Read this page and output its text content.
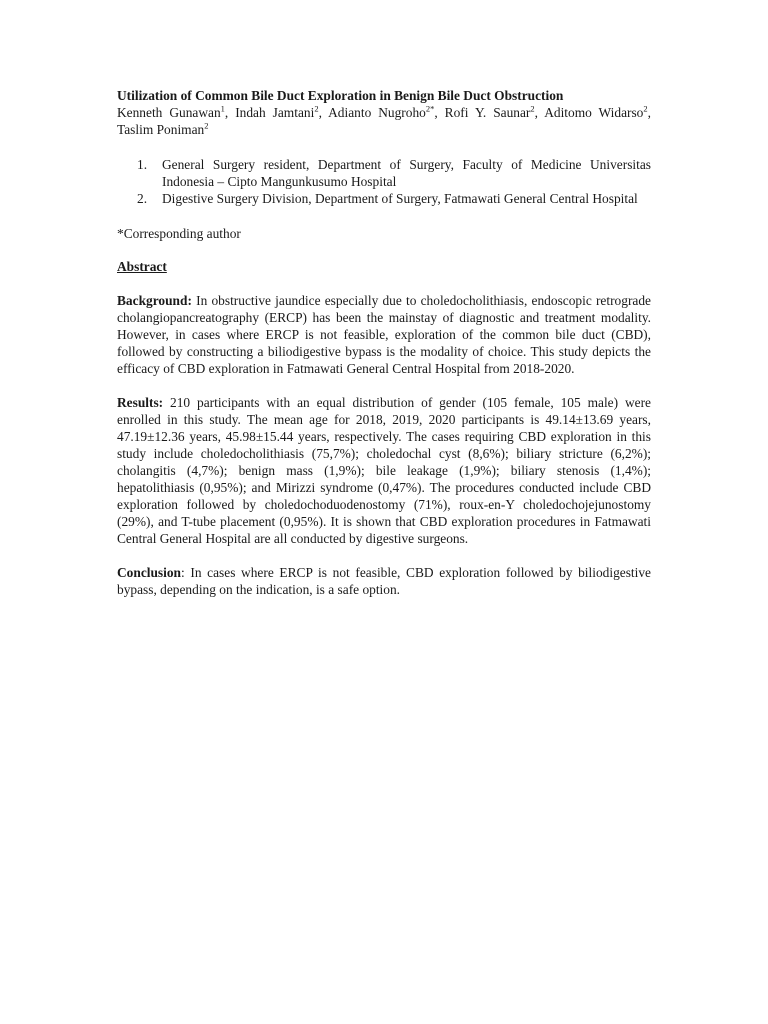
Utilization of Common Bile Duct Exploration in Benign Bile Duct Obstruction

Kenneth Gunawan$^1$, Indah Jamtani$^2$, Adianto Nugroho$^{2*}$, Rofi Y. Saunar$^2$, Aditomo Widarso$^2$, Taslim Poniman$^2$

1. General Surgery resident, Department of Surgery, Faculty of Medicine Universitas Indonesia – Cipto Mangunkusumo Hospital
2. Digestive Surgery Division, Department of Surgery, Fatmawati General Central Hospital

*Corresponding author

Abstract

Background: In obstructive jaundice especially due to choledocholithiasis, endoscopic retrograde cholangiopancreatography (ERCP) has been the mainstay of diagnostic and treatment modality. However, in cases where ERCP is not feasible, exploration of the common bile duct (CBD), followed by constructing a biliodigestive bypass is the modality of choice. This study depicts the efficacy of CBD exploration in Fatmawati General Central Hospital from 2018-2020.

Results: 210 participants with an equal distribution of gender (105 female, 105 male) were enrolled in this study. The mean age for 2018, 2019, 2020 participants is 49.14±13.69 years, 47.19±12.36 years, 45.98±15.44 years, respectively. The cases requiring CBD exploration in this study include choledocholithiasis (75,7%); choledochal cyst (8,6%); biliary stricture (6,2%); cholangitis (4,7%); benign mass (1,9%); bile leakage (1,9%); biliary stenosis (1,4%); hepatolithiasis (0,95%); and Mirizzi syndrome (0,47%). The procedures conducted include CBD exploration followed by choledochoduodenostomy (71%), roux-en-Y choledochojejunostomy (29%), and T-tube placement (0,95%). It is shown that CBD exploration procedures in Fatmawati Central General Hospital are all conducted by digestive surgeons.

Conclusion: In cases where ERCP is not feasible, CBD exploration followed by biliodigestive bypass, depending on the indication, is a safe option.
